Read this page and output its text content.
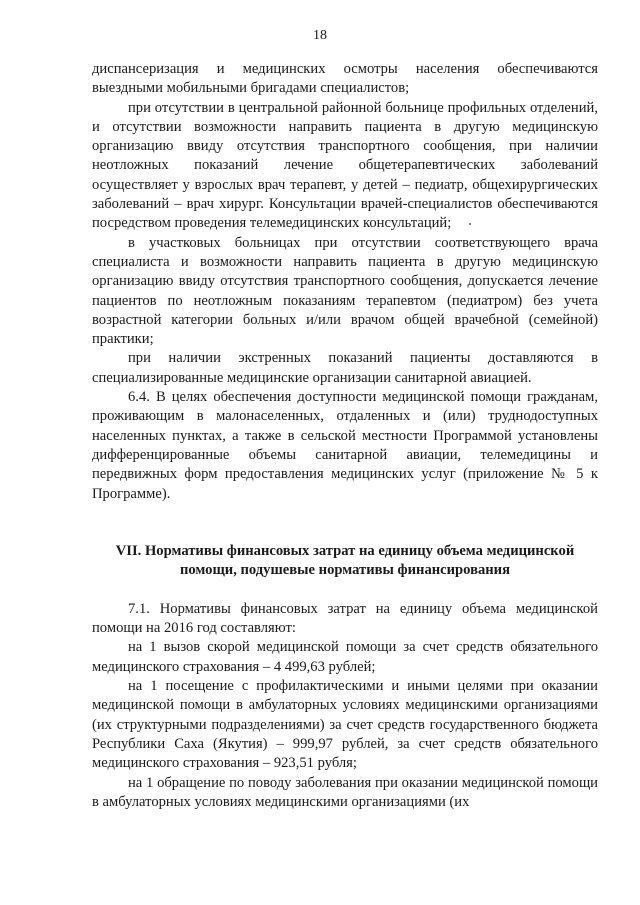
18

диспансеризация и медицинских осмотры населения обеспечиваются выездными мобильными бригадами специалистов;

при отсутствии в центральной районной больнице профильных отделений, и отсутствии возможности направить пациента в другую медицинскую организацию ввиду отсутствия транспортного сообщения, при наличии неотложных показаний лечение общетерапевтических заболеваний осуществляет у взрослых врач терапевт, у детей – педиатр, общехирургических заболеваний – врач хирург. Консультации врачей-специалистов обеспечиваются посредством проведения телемедицинских консультаций;

в участковых больницах при отсутствии соответствующего врача специалиста и возможности направить пациента в другую медицинскую организацию ввиду отсутствия транспортного сообщения, допускается лечение пациентов по неотложным показаниям терапевтом (педиатром) без учета возрастной категории больных и/или врачом общей врачебной (семейной) практики;

при наличии экстренных показаний пациенты доставляются в специализированные медицинские организации санитарной авиацией.

6.4. В целях обеспечения доступности медицинской помощи гражданам, проживающим в малонаселенных, отдаленных и (или) труднодоступных населенных пунктах, а также в сельской местности Программой установлены дифференцированные объемы санитарной авиации, телемедицины и передвижных форм предоставления медицинских услуг (приложение № 5 к Программе).

VII. Нормативы финансовых затрат на единицу объема медицинской
помощи, подушевые нормативы финансирования

7.1. Нормативы финансовых затрат на единицу объема медицинской помощи на 2016 год составляют:

на 1 вызов скорой медицинской помощи за счет средств обязательного медицинского страхования – 4 499,63 рублей;

на 1 посещение с профилактическими и иными целями при оказании медицинской помощи в амбулаторных условиях медицинскими организациями (их структурными подразделениями) за счет средств государственного бюджета Республики Саха (Якутия) – 999,97 рублей, за счет средств обязательного медицинского страхования – 923,51 рубля;

на 1 обращение по поводу заболевания при оказании медицинской помощи в амбулаторных условиях медицинскими организациями (их
